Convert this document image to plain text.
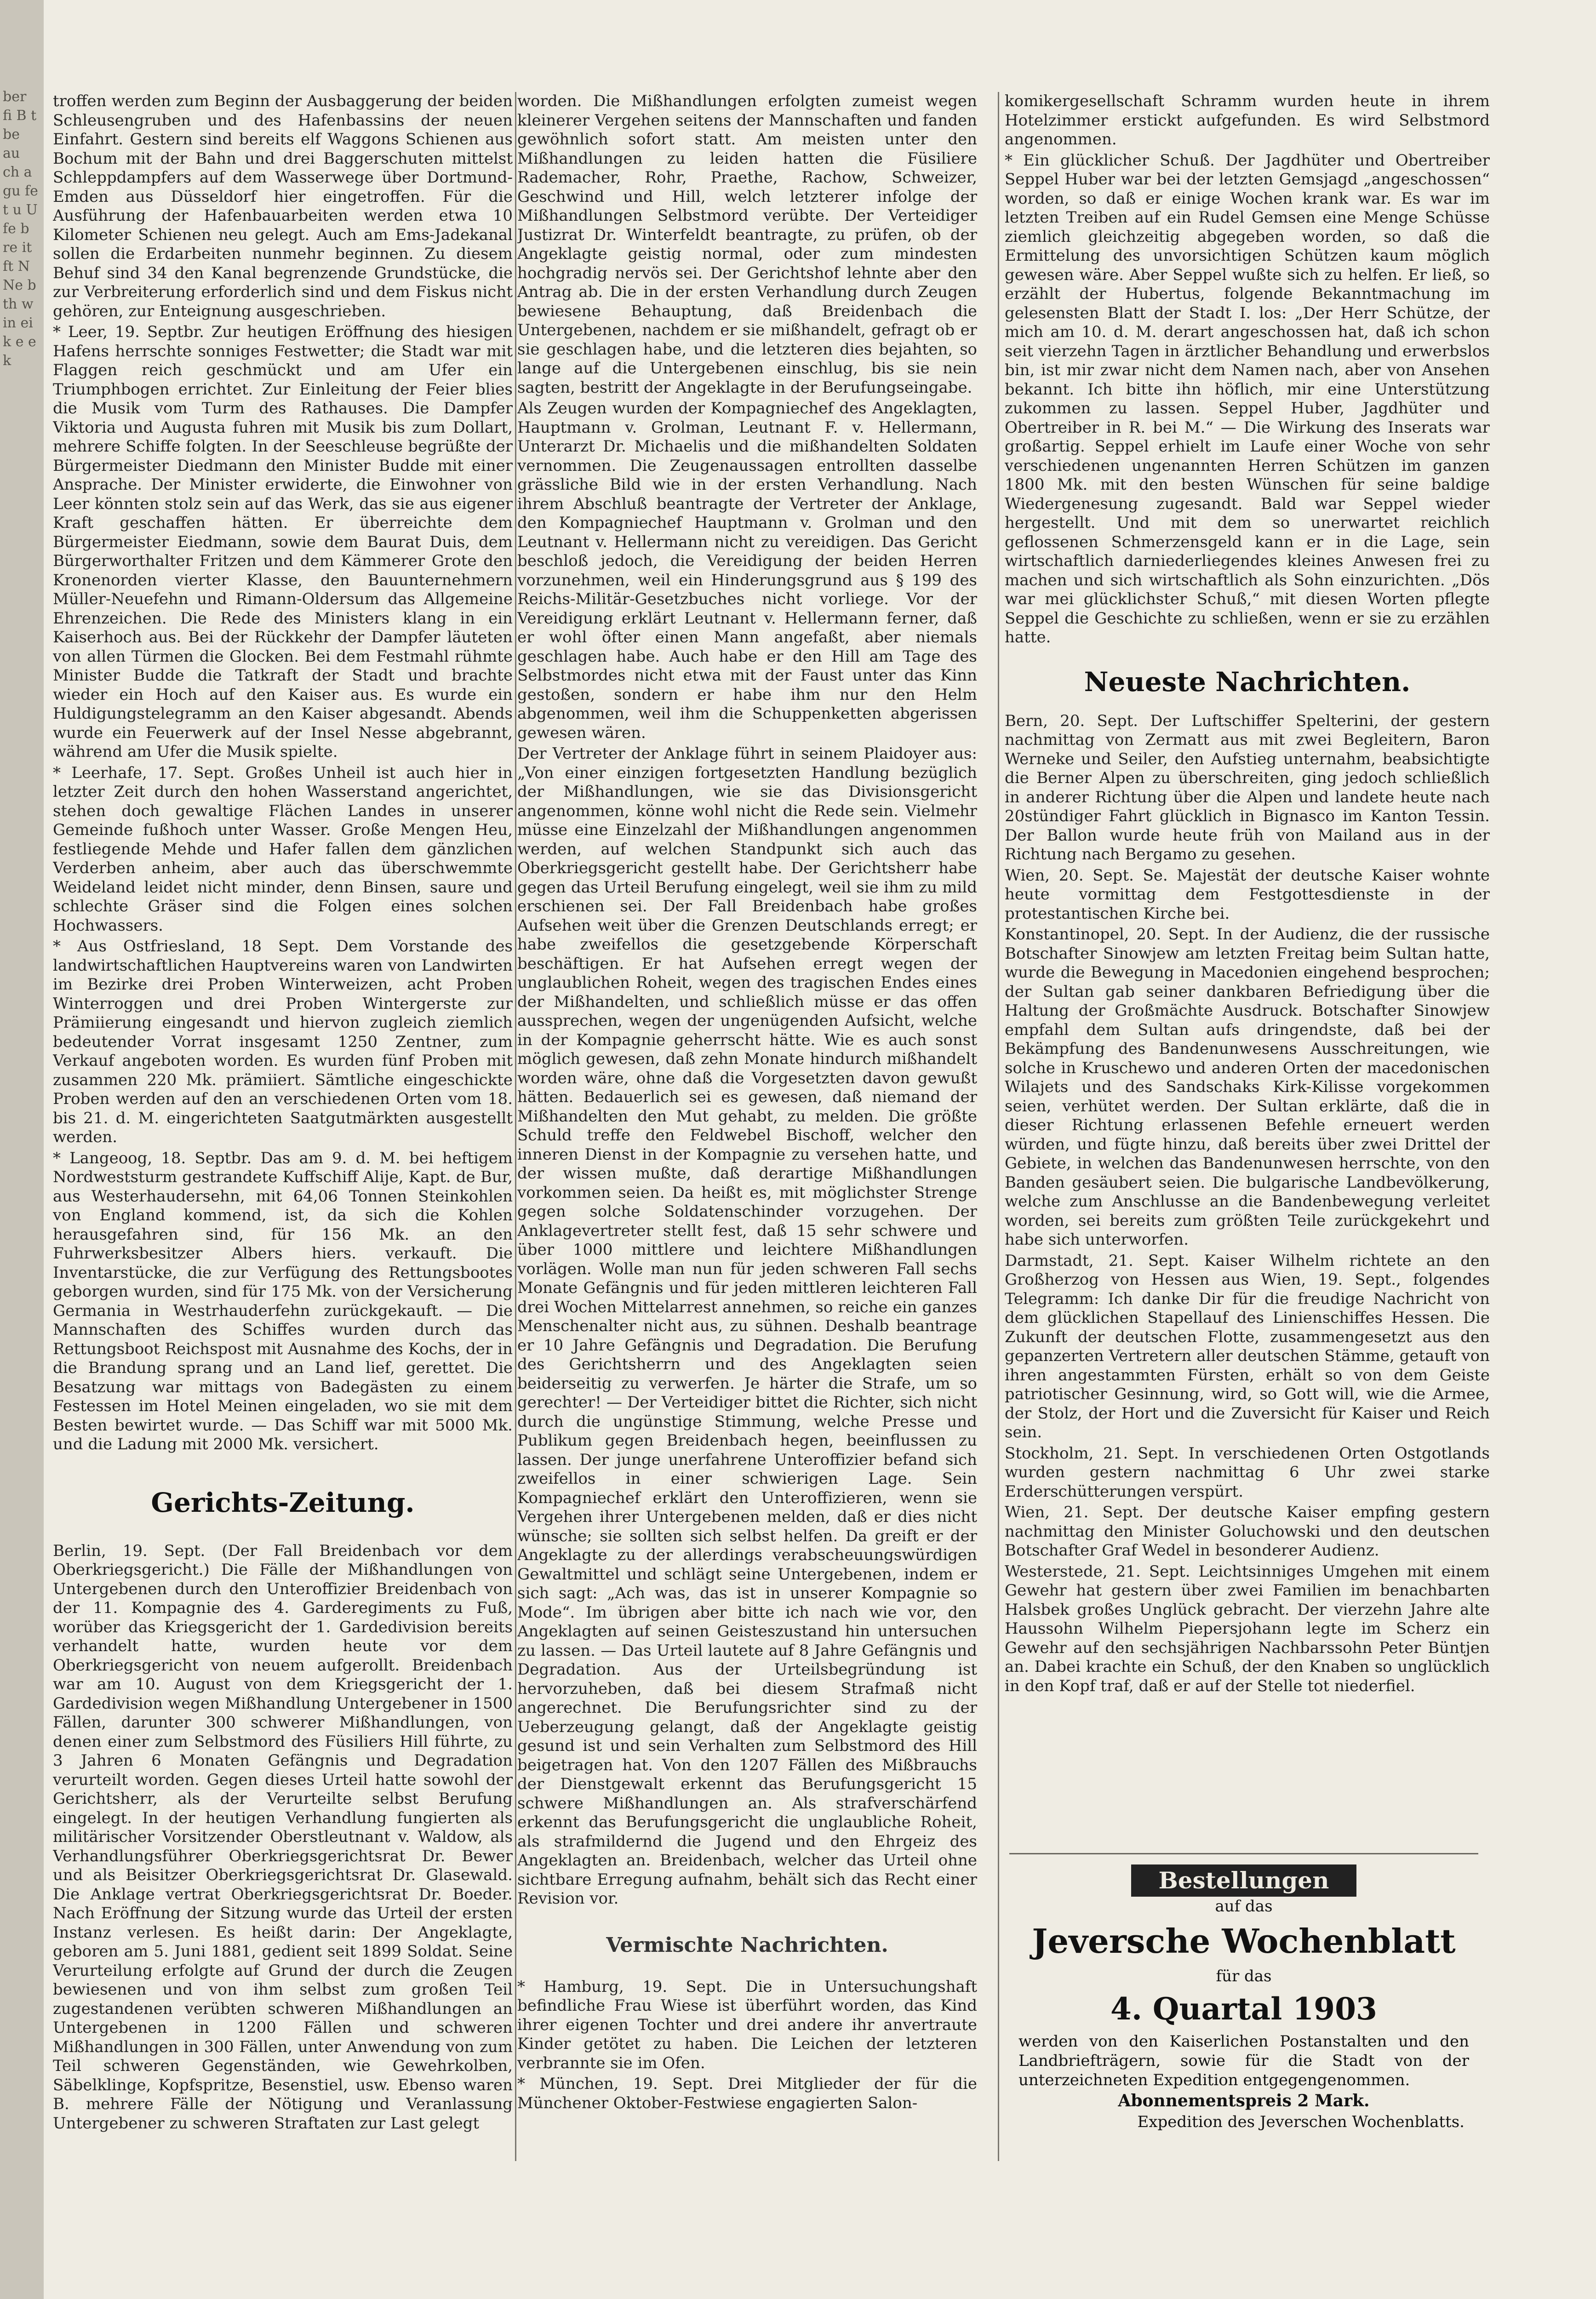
ber fi B t be au ch a gu fe t u U fe b re it ft N Ne b th w in ei k e e k

troffen werden zum Beginn der Ausbaggerung der beiden Schleusengruben und des Hafenbassins der neuen Einfahrt. Gestern sind bereits elf Waggons Schienen aus Bochum mit der Bahn und drei Baggerschuten mittelst Schleppdampfers auf dem Wasserwege über Dortmund-Emden aus Düsseldorf hier eingetroffen. Für die Ausführung der Hafenbauarbeiten werden etwa 10 Kilometer Schienen neu gelegt. Auch am Ems-Jadekanal sollen die Erdarbeiten nunmehr beginnen. Zu diesem Behuf sind 34 den Kanal begrenzende Grundstücke, die zur Verbreiterung erforderlich sind und dem Fiskus nicht gehören, zur Enteignung ausgeschrieben.

* Leer, 19. Septbr. Zur heutigen Eröffnung des hiesigen Hafens herrschte sonniges Festwetter; die Stadt war mit Flaggen reich geschmückt und am Ufer ein Triumphbogen errichtet. Zur Einleitung der Feier blies die Musik vom Turm des Rathauses. Die Dampfer Viktoria und Augusta fuhren mit Musik bis zum Dollart, mehrere Schiffe folgten. In der Seeschleuse begrüßte der Bürgermeister Diedmann den Minister Budde mit einer Ansprache. Der Minister erwiderte, die Einwohner von Leer könnten stolz sein auf das Werk, das sie aus eigener Kraft geschaffen hätten. Er überreichte dem Bürgermeister Eiedmann, sowie dem Baurat Duis, dem Bürgerworthalter Fritzen und dem Kämmerer Grote den Kronenorden vierter Klasse, den Bauunternehmern Müller-Neuefehn und Rimann-Oldersum das Allgemeine Ehrenzeichen. Die Rede des Ministers klang in ein Kaiserhoch aus. Bei der Rückkehr der Dampfer läuteten von allen Türmen die Glocken. Bei dem Festmahl rühmte Minister Budde die Tatkraft der Stadt und brachte wieder ein Hoch auf den Kaiser aus. Es wurde ein Huldigungstelegramm an den Kaiser abgesandt. Abends wurde ein Feuerwerk auf der Insel Nesse abgebrannt, während am Ufer die Musik spielte.

* Leerhafe, 17. Sept. Großes Unheil ist auch hier in letzter Zeit durch den hohen Wasserstand angerichtet, stehen doch gewaltige Flächen Landes in unserer Gemeinde fußhoch unter Wasser. Große Mengen Heu, festliegende Mehde und Hafer fallen dem gänzlichen Verderben anheim, aber auch das überschwemmte Weideland leidet nicht minder, denn Binsen, saure und schlechte Gräser sind die Folgen eines solchen Hochwassers.

* Aus Ostfriesland, 18 Sept. Dem Vorstande des landwirtschaftlichen Hauptvereins waren von Landwirten im Bezirke drei Proben Winterweizen, acht Proben Winterroggen und drei Proben Wintergerste zur Prämiierung eingesandt und hiervon zugleich ziemlich bedeutender Vorrat insgesamt 1250 Zentner, zum Verkauf angeboten worden. Es wurden fünf Proben mit zusammen 220 Mk. prämiiert. Sämtliche eingeschickte Proben werden auf den an verschiedenen Orten vom 18. bis 21. d. M. eingerichteten Saatgutmärkten ausgestellt werden.

* Langeoog, 18. Septbr. Das am 9. d. M. bei heftigem Nordweststurm gestrandete Kuffschiff Alije, Kapt. de Bur, aus Westerhaudersehn, mit 64,06 Tonnen Steinkohlen von England kommend, ist, da sich die Kohlen herausgefahren sind, für 156 Mk. an den Fuhrwerksbesitzer Albers hiers. verkauft. Die Inventarstücke, die zur Verfügung des Rettungsbootes geborgen wurden, sind für 175 Mk. von der Versicherung Germania in Westrhauderfehn zurückgekauft. — Die Mannschaften des Schiffes wurden durch das Rettungsboot Reichspost mit Ausnahme des Kochs, der in die Brandung sprang und an Land lief, gerettet. Die Besatzung war mittags von Badegästen zu einem Festessen im Hotel Meinen eingeladen, wo sie mit dem Besten bewirtet wurde. — Das Schiff war mit 5000 Mk. und die Ladung mit 2000 Mk. versichert.

Gerichts-Zeitung.

Berlin, 19. Sept. (Der Fall Breidenbach vor dem Oberkriegsgericht.) Die Fälle der Mißhandlungen von Untergebenen durch den Unteroffizier Breidenbach von der 11. Kompagnie des 4. Garderegiments zu Fuß, worüber das Kriegsgericht der 1. Gardedivision bereits verhandelt hatte, wurden heute vor dem Oberkriegsgericht von neuem aufgerollt. Breidenbach war am 10. August von dem Kriegsgericht der 1. Gardedivision wegen Mißhandlung Untergebener in 1500 Fällen, darunter 300 schwerer Mißhandlungen, von denen einer zum Selbstmord des Füsiliers Hill führte, zu 3 Jahren 6 Monaten Gefängnis und Degradation verurteilt worden. Gegen dieses Urteil hatte sowohl der Gerichtsherr, als der Verurteilte selbst Berufung eingelegt. In der heutigen Verhandlung fungierten als militärischer Vorsitzender Oberstleutnant v. Waldow, als Verhandlungsführer Oberkriegsgerichtsrat Dr. Bewer und als Beisitzer Oberkriegsgerichtsrat Dr. Glasewald. Die Anklage vertrat Oberkriegsgerichtsrat Dr. Boeder. Nach Eröffnung der Sitzung wurde das Urteil der ersten Instanz verlesen. Es heißt darin: Der Angeklagte, geboren am 5. Juni 1881, gedient seit 1899 Soldat. Seine Verurteilung erfolgte auf Grund der durch die Zeugen bewiesenen und von ihm selbst zum großen Teil zugestandenen verübten schweren Mißhandlungen an Untergebenen in 1200 Fällen und schweren Mißhandlungen in 300 Fällen, unter Anwendung von zum Teil schweren Gegenständen, wie Gewehrkolben, Säbelklinge, Kopfspritze, Besenstiel, usw. Ebenso waren B. mehrere Fälle der Nötigung und Veranlassung Untergebener zu schweren Straftaten zur Last gelegt

worden. Die Mißhandlungen erfolgten zumeist wegen kleinerer Vergehen seitens der Mannschaften und fanden gewöhnlich sofort statt. Am meisten unter den Mißhandlungen zu leiden hatten die Füsiliere Rademacher, Rohr, Praethe, Rachow, Schweizer, Geschwind und Hill, welch letzterer infolge der Mißhandlungen Selbstmord verübte. Der Verteidiger Justizrat Dr. Winterfeldt beantragte, zu prüfen, ob der Angeklagte geistig normal, oder zum mindesten hochgradig nervös sei. Der Gerichtshof lehnte aber den Antrag ab. Die in der ersten Verhandlung durch Zeugen bewiesene Behauptung, daß Breidenbach die Untergebenen, nachdem er sie mißhandelt, gefragt ob er sie geschlagen habe, und die letzteren dies bejahten, so lange auf die Untergebenen einschlug, bis sie nein sagten, bestritt der Angeklagte in der Berufungseingabe.

Als Zeugen wurden der Kompagniechef des Angeklagten, Hauptmann v. Grolman, Leutnant F. v. Hellermann, Unterarzt Dr. Michaelis und die mißhandelten Soldaten vernommen. Die Zeugenaussagen entrollten dasselbe grässliche Bild wie in der ersten Verhandlung. Nach ihrem Abschluß beantragte der Vertreter der Anklage, den Kompagniechef Hauptmann v. Grolman und den Leutnant v. Hellermann nicht zu vereidigen. Das Gericht beschloß jedoch, die Vereidigung der beiden Herren vorzunehmen, weil ein Hinderungsgrund aus § 199 des Reichs-Militär-Gesetzbuches nicht vorliege. Vor der Vereidigung erklärt Leutnant v. Hellermann ferner, daß er wohl öfter einen Mann angefaßt, aber niemals geschlagen habe. Auch habe er den Hill am Tage des Selbstmordes nicht etwa mit der Faust unter das Kinn gestoßen, sondern er habe ihm nur den Helm abgenommen, weil ihm die Schuppenketten abgerissen gewesen wären.

Der Vertreter der Anklage führt in seinem Plaidoyer aus: „Von einer einzigen fortgesetzten Handlung bezüglich der Mißhandlungen, wie sie das Divisionsgericht angenommen, könne wohl nicht die Rede sein. Vielmehr müsse eine Einzelzahl der Mißhandlungen angenommen werden, auf welchen Standpunkt sich auch das Oberkriegsgericht gestellt habe. Der Gerichtsherr habe gegen das Urteil Berufung eingelegt, weil sie ihm zu mild erschienen sei. Der Fall Breidenbach habe großes Aufsehen weit über die Grenzen Deutschlands erregt; er habe zweifellos die gesetzgebende Körperschaft beschäftigen. Er hat Aufsehen erregt wegen der unglaublichen Roheit, wegen des tragischen Endes eines der Mißhandelten, und schließlich müsse er das offen aussprechen, wegen der ungenügenden Aufsicht, welche in der Kompagnie geherrscht hätte. Wie es auch sonst möglich gewesen, daß zehn Monate hindurch mißhandelt worden wäre, ohne daß die Vorgesetzten davon gewußt hätten. Bedauerlich sei es gewesen, daß niemand der Mißhandelten den Mut gehabt, zu melden. Die größte Schuld treffe den Feldwebel Bischoff, welcher den inneren Dienst in der Kompagnie zu versehen hatte, und der wissen mußte, daß derartige Mißhandlungen vorkommen seien. Da heißt es, mit möglichster Strenge gegen solche Soldatenschinder vorzugehen. Der Anklagevertreter stellt fest, daß 15 sehr schwere und über 1000 mittlere und leichtere Mißhandlungen vorlägen. Wolle man nun für jeden schweren Fall sechs Monate Gefängnis und für jeden mittleren leichteren Fall drei Wochen Mittelarrest annehmen, so reiche ein ganzes Menschenalter nicht aus, zu sühnen. Deshalb beantrage er 10 Jahre Gefängnis und Degradation. Die Berufung des Gerichtsherrn und des Angeklagten seien beiderseitig zu verwerfen. Je härter die Strafe, um so gerechter! — Der Verteidiger bittet die Richter, sich nicht durch die ungünstige Stimmung, welche Presse und Publikum gegen Breidenbach hegen, beeinflussen zu lassen. Der junge unerfahrene Unteroffizier befand sich zweifellos in einer schwierigen Lage. Sein Kompagniechef erklärt den Unteroffizieren, wenn sie Vergehen ihrer Untergebenen melden, daß er dies nicht wünsche; sie sollten sich selbst helfen. Da greift er der Angeklagte zu der allerdings verabscheuungswürdigen Gewaltmittel und schlägt seine Untergebenen, indem er sich sagt: „Ach was, das ist in unserer Kompagnie so Mode“. Im übrigen aber bitte ich nach wie vor, den Angeklagten auf seinen Geisteszustand hin untersuchen zu lassen. — Das Urteil lautete auf 8 Jahre Gefängnis und Degradation. Aus der Urteilsbegründung ist hervorzuheben, daß bei diesem Strafmaß nicht angerechnet. Die Berufungsrichter sind zu der Ueberzeugung gelangt, daß der Angeklagte geistig gesund ist und sein Verhalten zum Selbstmord des Hill beigetragen hat. Von den 1207 Fällen des Mißbrauchs der Dienstgewalt erkennt das Berufungsgericht 15 schwere Mißhandlungen an. Als strafverschärfend erkennt das Berufungsgericht die unglaubliche Roheit, als strafmildernd die Jugend und den Ehrgeiz des Angeklagten an. Breidenbach, welcher das Urteil ohne sichtbare Erregung aufnahm, behält sich das Recht einer Revision vor.

Vermischte Nachrichten.

* Hamburg, 19. Sept. Die in Untersuchungshaft befindliche Frau Wiese ist überführt worden, das Kind ihrer eigenen Tochter und drei andere ihr anvertraute Kinder getötet zu haben. Die Leichen der letzteren verbrannte sie im Ofen.

* München, 19. Sept. Drei Mitglieder der für die Münchener Oktober-Festwiese engagierten Salon-

komikergesellschaft Schramm wurden heute in ihrem Hotelzimmer erstickt aufgefunden. Es wird Selbstmord angenommen.

* Ein glücklicher Schuß. Der Jagdhüter und Obertreiber Seppel Huber war bei der letzten Gemsjagd „angeschossen“ worden, so daß er einige Wochen krank war. Es war im letzten Treiben auf ein Rudel Gemsen eine Menge Schüsse ziemlich gleichzeitig abgegeben worden, so daß die Ermittelung des unvorsichtigen Schützen kaum möglich gewesen wäre. Aber Seppel wußte sich zu helfen. Er ließ, so erzählt der Hubertus, folgende Bekanntmachung im gelesensten Blatt der Stadt I. los: „Der Herr Schütze, der mich am 10. d. M. derart angeschossen hat, daß ich schon seit vierzehn Tagen in ärztlicher Behandlung und erwerbslos bin, ist mir zwar nicht dem Namen nach, aber von Ansehen bekannt. Ich bitte ihn höflich, mir eine Unterstützung zukommen zu lassen. Seppel Huber, Jagdhüter und Obertreiber in R. bei M.“ — Die Wirkung des Inserats war großartig. Seppel erhielt im Laufe einer Woche von sehr verschiedenen ungenannten Herren Schützen im ganzen 1800 Mk. mit den besten Wünschen für seine baldige Wiedergenesung zugesandt. Bald war Seppel wieder hergestellt. Und mit dem so unerwartet reichlich geflossenen Schmerzensgeld kann er in die Lage, sein wirtschaftlich darniederliegendes kleines Anwesen frei zu machen und sich wirtschaftlich als Sohn einzurichten. „Dös war mei glücklichster Schuß,“ mit diesen Worten pflegte Seppel die Geschichte zu schließen, wenn er sie zu erzählen hatte.

Neueste Nachrichten.

Bern, 20. Sept. Der Luftschiffer Spelterini, der gestern nachmittag von Zermatt aus mit zwei Begleitern, Baron Werneke und Seiler, den Aufstieg unternahm, beabsichtigte die Berner Alpen zu überschreiten, ging jedoch schließlich in anderer Richtung über die Alpen und landete heute nach 20stündiger Fahrt glücklich in Bignasco im Kanton Tessin. Der Ballon wurde heute früh von Mailand aus in der Richtung nach Bergamo zu gesehen.

Wien, 20. Sept. Se. Majestät der deutsche Kaiser wohnte heute vormittag dem Festgottesdienste in der protestantischen Kirche bei.

Konstantinopel, 20. Sept. In der Audienz, die der russische Botschafter Sinowjew am letzten Freitag beim Sultan hatte, wurde die Bewegung in Macedonien eingehend besprochen; der Sultan gab seiner dankbaren Befriedigung über die Haltung der Großmächte Ausdruck. Botschafter Sinowjew empfahl dem Sultan aufs dringendste, daß bei der Bekämpfung des Bandenunwesens Ausschreitungen, wie solche in Kruschewo und anderen Orten der macedonischen Wilajets und des Sandschaks Kirk-Kilisse vorgekommen seien, verhütet werden. Der Sultan erklärte, daß die in dieser Richtung erlassenen Befehle erneuert werden würden, und fügte hinzu, daß bereits über zwei Drittel der Gebiete, in welchen das Bandenunwesen herrschte, von den Banden gesäubert seien. Die bulgarische Landbevölkerung, welche zum Anschlusse an die Bandenbewegung verleitet worden, sei bereits zum größten Teile zurückgekehrt und habe sich unterworfen.

Darmstadt, 21. Sept. Kaiser Wilhelm richtete an den Großherzog von Hessen aus Wien, 19. Sept., folgendes Telegramm: Ich danke Dir für die freudige Nachricht von dem glücklichen Stapellauf des Linienschiffes Hessen. Die Zukunft der deutschen Flotte, zusammengesetzt aus den gepanzerten Vertretern aller deutschen Stämme, getauft von ihren angestammten Fürsten, erhält so von dem Geiste patriotischer Gesinnung, wird, so Gott will, wie die Armee, der Stolz, der Hort und die Zuversicht für Kaiser und Reich sein.

Stockholm, 21. Sept. In verschiedenen Orten Ostgotlands wurden gestern nachmittag 6 Uhr zwei starke Erderschütterungen verspürt.

Wien, 21. Sept. Der deutsche Kaiser empfing gestern nachmittag den Minister Goluchowski und den deutschen Botschafter Graf Wedel in besonderer Audienz.

Westerstede, 21. Sept. Leichtsinniges Umgehen mit einem Gewehr hat gestern über zwei Familien im benachbarten Halsbek großes Unglück gebracht. Der vierzehn Jahre alte Haussohn Wilhelm Piepersjohann legte im Scherz ein Gewehr auf den sechsjährigen Nachbarssohn Peter Büntjen an. Dabei krachte ein Schuß, der den Knaben so unglücklich in den Kopf traf, daß er auf der Stelle tot niederfiel.

Bestellungen
auf das
Jeversche Wochenblatt
für das
4. Quartal 1903
werden von den Kaiserlichen Postanstalten und den Landbriefträgern, sowie für die Stadt von der unterzeichneten Expedition entgegengenommen.
Abonnementspreis 2 Mark.
Expedition des Jeverschen Wochenblatts.
